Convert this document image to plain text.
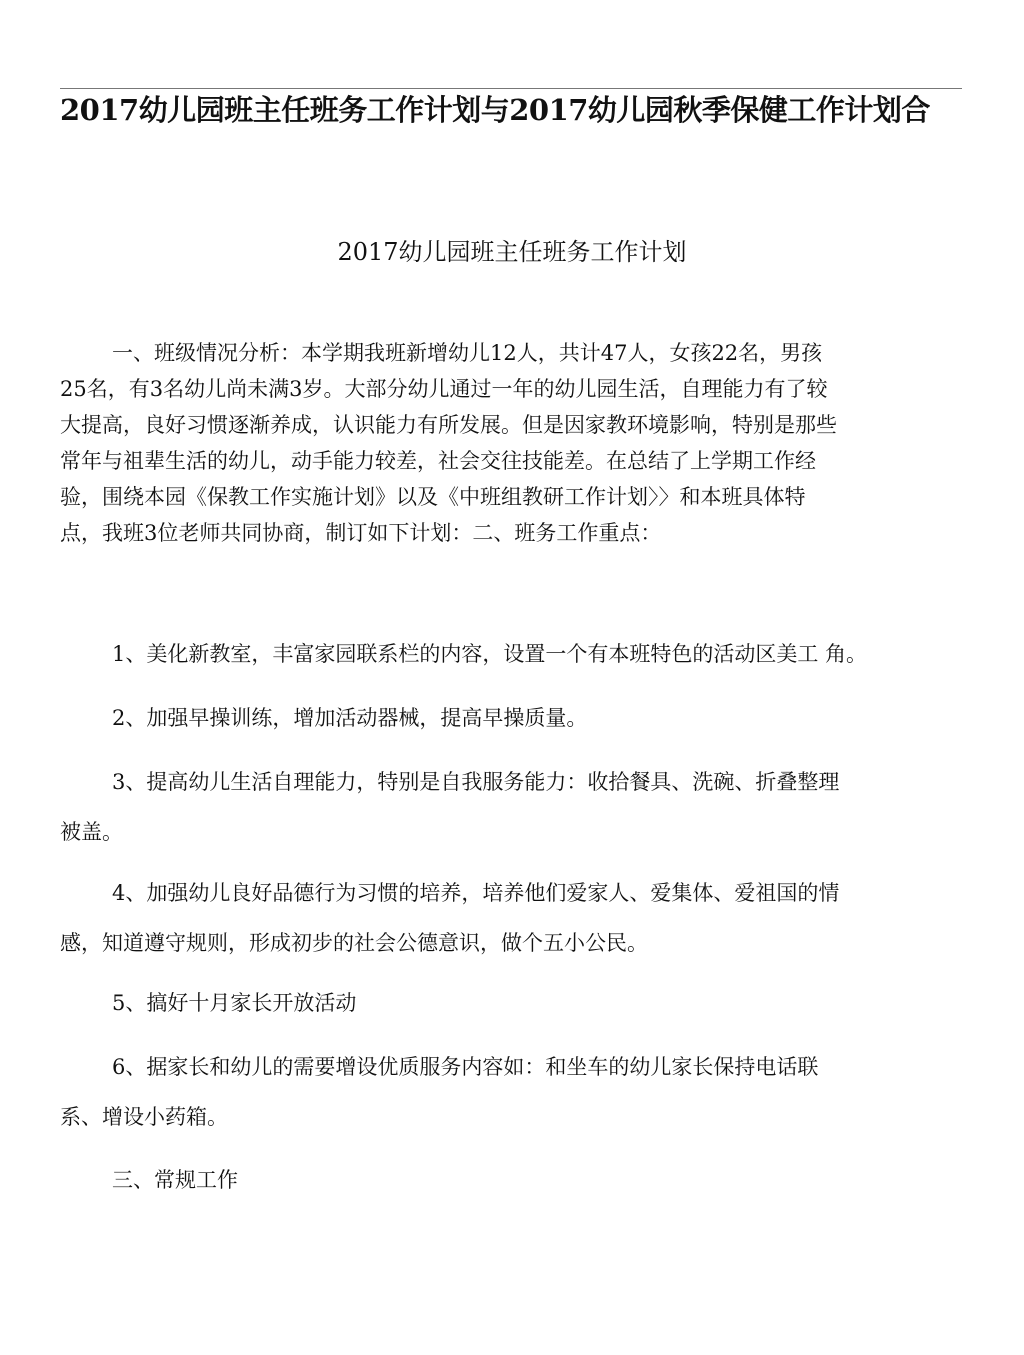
2017幼儿园班主任班务工作计划与2017幼儿园秋季保健工作计划合
2017幼儿园班主任班务工作计划
一、班级情况分析：本学期我班新增幼儿12人，共计47人，女孩22名，男孩
25名，有3名幼儿尚未满3岁。大部分幼儿通过一年的幼儿园生活，自理能力有了较
大提高，良好习惯逐渐养成，认识能力有所发展。但是因家教环境影响，特别是那些
常年与祖辈生活的幼儿，动手能力较差，社会交往技能差。在总结了上学期工作经
验，围绕本园《保教工作实施计划》以及《中班组教研工作计划〉〉和本班具体特
点，我班3位老师共同协商，制订如下计划：二、班务工作重点：
1、美化新教室，丰富家园联系栏的内容，设置一个有本班特色的活动区美工 角。
2、加强早操训练，增加活动器械，提高早操质量。
3、提高幼儿生活自理能力，特别是自我服务能力：收拾餐具、洗碗、折叠整理
被盖。
4、加强幼儿良好品德行为习惯的培养，培养他们爱家人、爱集体、爱祖国的情
感，知道遵守规则，形成初步的社会公德意识，做个五小公民。
5、搞好十月家长开放活动
6、据家长和幼儿的需要增设优质服务内容如：和坐车的幼儿家长保持电话联
系、增设小药箱。
三、常规工作
